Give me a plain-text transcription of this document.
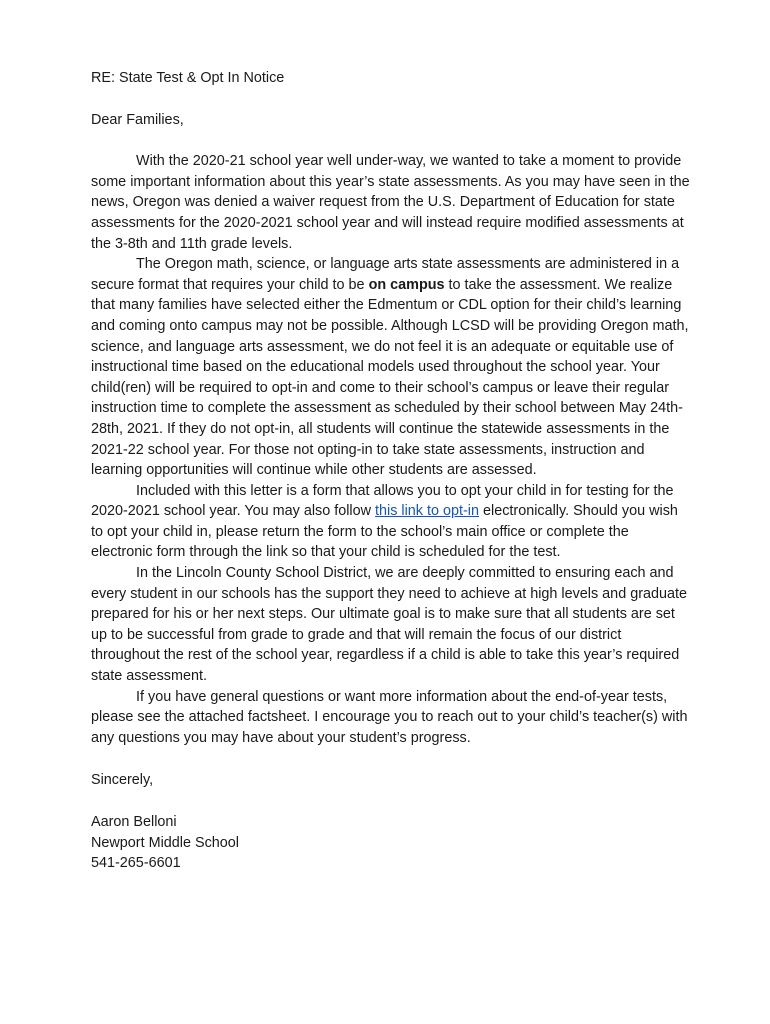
RE: State Test & Opt In Notice

Dear Families,

With the 2020-21 school year well under-way, we wanted to take a moment to provide some important information about this year’s state assessments. As you may have seen in the news, Oregon was denied a waiver request from the U.S. Department of Education for state assessments for the 2020-2021 school year and will instead require modified assessments at the 3-8th and 11th grade levels.

The Oregon math, science, or language arts state assessments are administered in a secure format that requires your child to be on campus to take the assessment. We realize that many families have selected either the Edmentum or CDL option for their child’s learning and coming onto campus may not be possible. Although LCSD will be providing Oregon math, science, and language arts assessment, we do not feel it is an adequate or equitable use of instructional time based on the educational models used throughout the school year. Your child(ren) will be required to opt-in and come to their school’s campus or leave their regular instruction time to complete the assessment as scheduled by their school between May 24th-28th, 2021. If they do not opt-in, all students will continue the statewide assessments in the 2021-22 school year. For those not opting-in to take state assessments, instruction and learning opportunities will continue while other students are assessed.

Included with this letter is a form that allows you to opt your child in for testing for the 2020-2021 school year. You may also follow this link to opt-in electronically. Should you wish to opt your child in, please return the form to the school’s main office or complete the electronic form through the link so that your child is scheduled for the test.

In the Lincoln County School District, we are deeply committed to ensuring each and every student in our schools has the support they need to achieve at high levels and graduate prepared for his or her next steps. Our ultimate goal is to make sure that all students are set up to be successful from grade to grade and that will remain the focus of our district throughout the rest of the school year, regardless if a child is able to take this year’s required state assessment.

If you have general questions or want more information about the end-of-year tests, please see the attached factsheet. I encourage you to reach out to your child’s teacher(s) with any questions you may have about your student’s progress.

Sincerely,

Aaron Belloni

Newport Middle School

541-265-6601
